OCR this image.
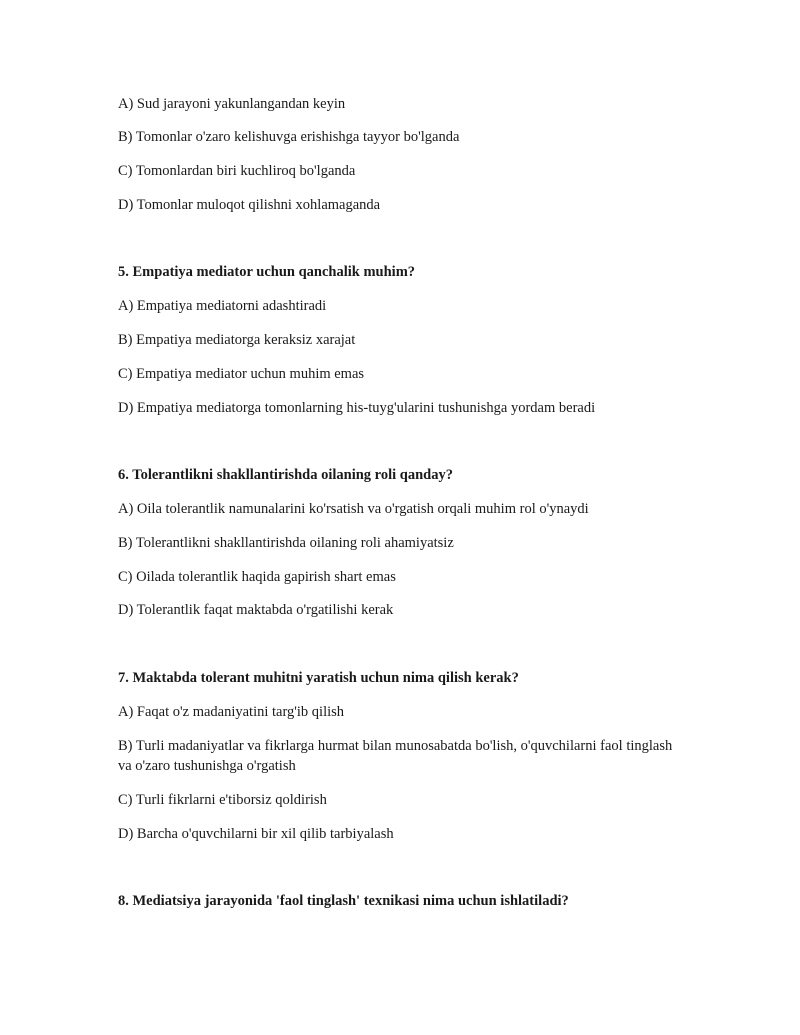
A) Sud jarayoni yakunlangandan keyin
B) Tomonlar o'zaro kelishuvga erishishga tayyor bo'lganda
C) Tomonlardan biri kuchliroq bo'lganda
D) Tomonlar muloqot qilishni xohlamaganda
5. Empatiya mediator uchun qanchalik muhim?
A) Empatiya mediatorni adashtiradi
B) Empatiya mediatorga keraksiz xarajat
C) Empatiya mediator uchun muhim emas
D) Empatiya mediatorga tomonlarning his-tuyg'ularini tushunishga yordam beradi
6. Tolerantlikni shakllantirishda oilaning roli qanday?
A) Oila tolerantlik namunalarini ko'rsatish va o'rgatish orqali muhim rol o'ynaydi
B) Tolerantlikni shakllantirishda oilaning roli ahamiyatsiz
C) Oilada tolerantlik haqida gapirish shart emas
D) Tolerantlik faqat maktabda o'rgatilishi kerak
7. Maktabda tolerant muhitni yaratish uchun nima qilish kerak?
A) Faqat o'z madaniyatini targ'ib qilish
B) Turli madaniyatlar va fikrlarga hurmat bilan munosabatda bo'lish, o'quvchilarni faol tinglash va o'zaro tushunishga o'rgatish
C) Turli fikrlarni e'tiborsiz qoldirish
D) Barcha o'quvchilarni bir xil qilib tarbiyalash
8. Mediatsiya jarayonida 'faol tinglash' texnikasi nima uchun ishlatiladi?
